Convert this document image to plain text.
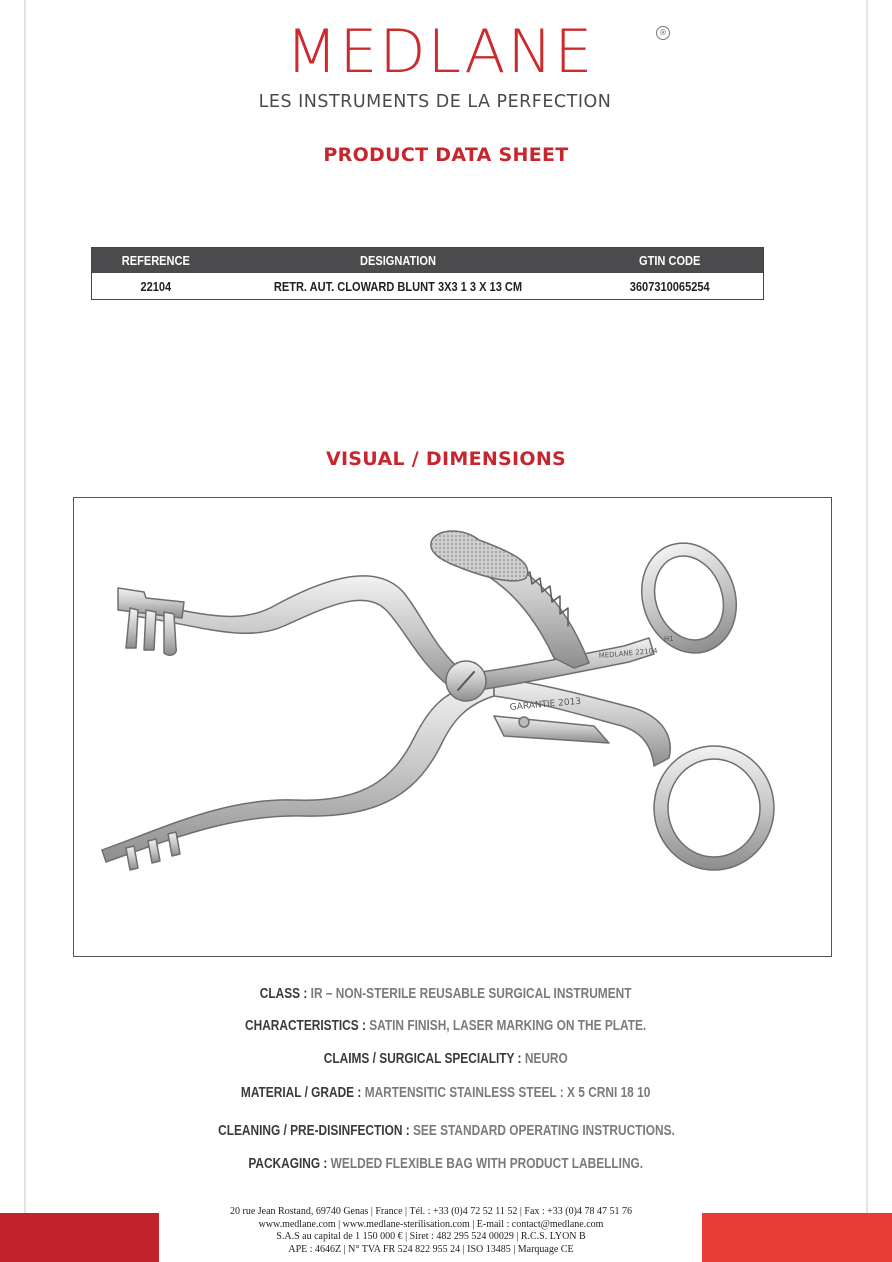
MEDLANE	®
LES INSTRUMENTS DE LA PERFECTION
PRODUCT DATA SHEET
REFERENCE	DESIGNATION	GTIN CODE
22104	RETR. AUT. CLOWARD BLUNT 3X3 1 3 X 13 CM	3607310065254
VISUAL / DIMENSIONS
GARANTIE 2013
MEDLANE 22104
H1
CLASS : IR – NON-STERILE REUSABLE SURGICAL INSTRUMENT
CHARACTERISTICS : SATIN FINISH, LASER MARKING ON THE PLATE.
CLAIMS / SURGICAL SPECIALITY : NEURO
MATERIAL / GRADE : MARTENSITIC STAINLESS STEEL : X 5 CRNI 18 10
CLEANING / PRE-DISINFECTION : SEE STANDARD OPERATING INSTRUCTIONS.
PACKAGING : WELDED FLEXIBLE BAG WITH PRODUCT LABELLING.
20 rue Jean Rostand, 69740 Genas | France | Tél. : +33 (0)4 72 52 11 52 | Fax : +33 (0)4 78 47 51 76
www.medlane.com | www.medlane-sterilisation.com | E-mail : contact@medlane.com
S.A.S au capital de 1 150 000 € | Siret : 482 295 524 00029 | R.C.S. LYON B
APE : 4646Z | N° TVA FR 524 822 955 24 | ISO 13485 | Marquage CE
